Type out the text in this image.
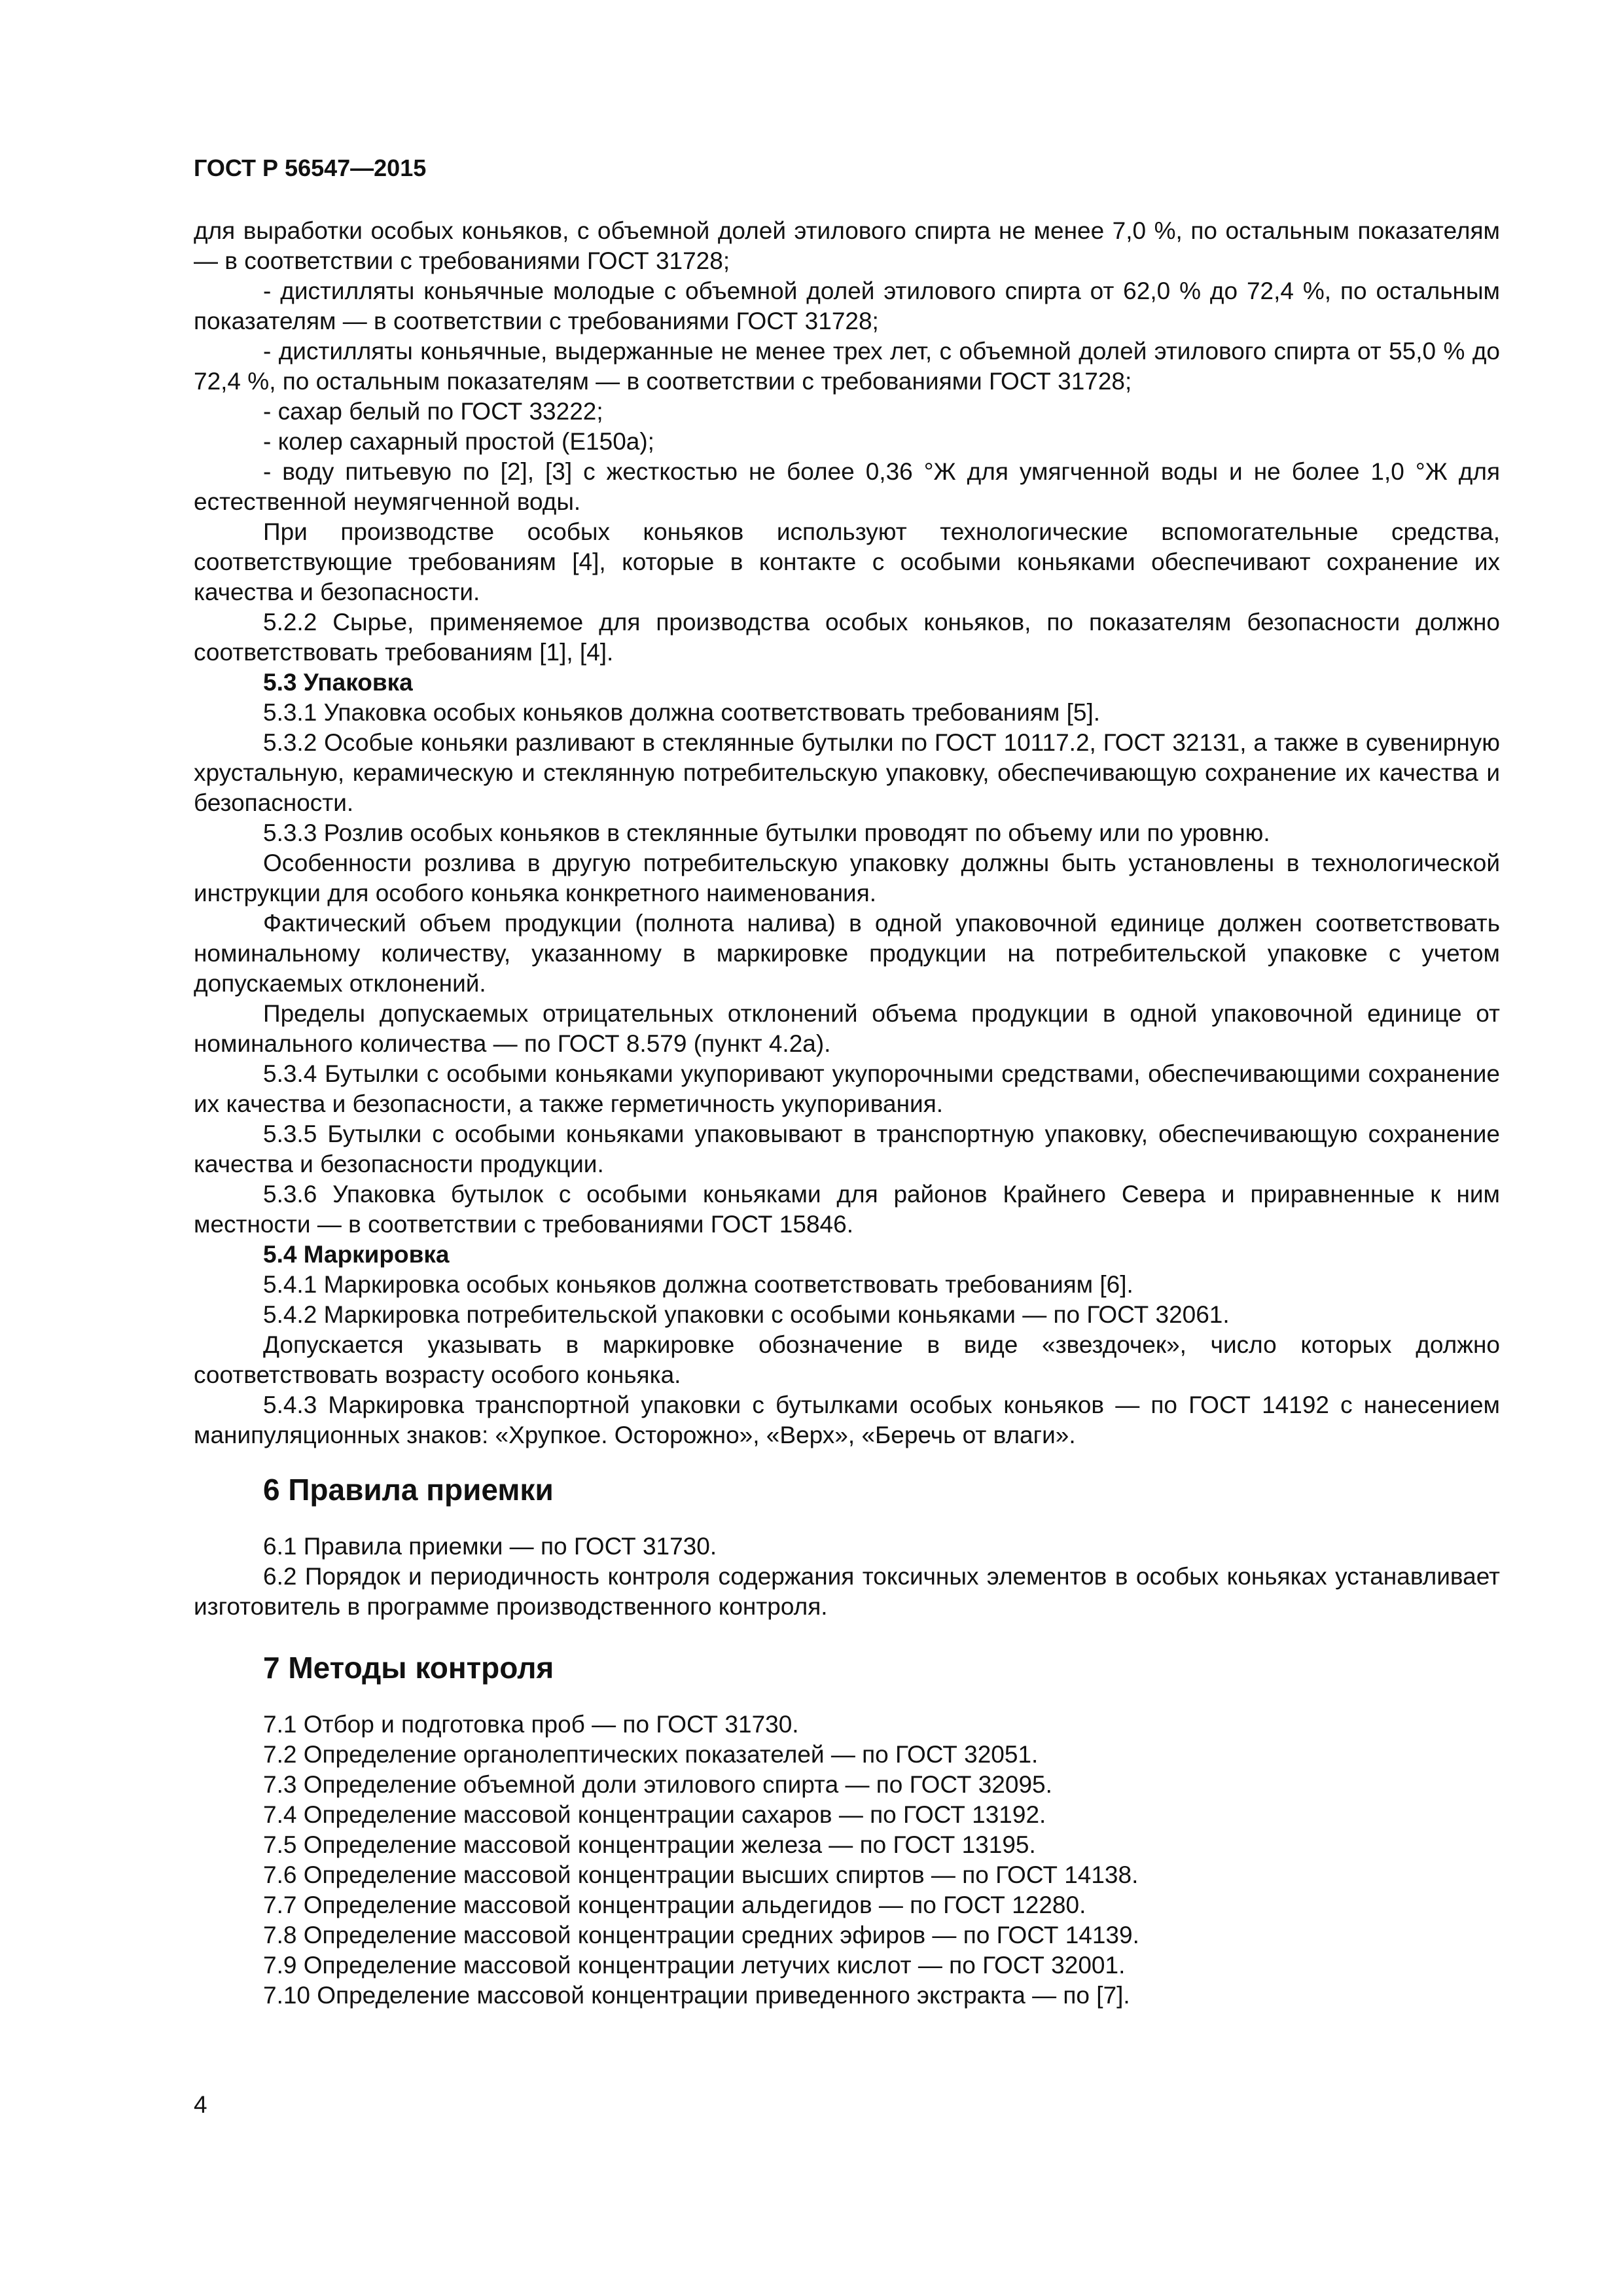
ГОСТ Р 56547—2015

для выработки особых коньяков, с объемной долей этилового спирта не менее 7,0 %, по остальным показателям — в соответствии с требованиями ГОСТ 31728;

- дистилляты коньячные молодые с объемной долей этилового спирта от 62,0 % до 72,4 %, по остальным показателям — в соответствии с требованиями ГОСТ 31728;

- дистилляты коньячные, выдержанные не менее трех лет, с объемной долей этилового спирта от 55,0 % до 72,4 %, по остальным показателям — в соответствии с требованиями ГОСТ 31728;

- сахар белый по ГОСТ 33222;

- колер сахарный простой (Е150а);

- воду питьевую по [2], [3] с жесткостью не более 0,36 °Ж для умягченной воды и не более 1,0 °Ж для естественной неумягченной воды.

При производстве особых коньяков используют технологические вспомогательные средства, соответствующие требованиям [4], которые в контакте с особыми коньяками обеспечивают сохранение их качества и безопасности.

5.2.2 Сырье, применяемое для производства особых коньяков, по показателям безопасности должно соответствовать требованиям [1], [4].

5.3 Упаковка

5.3.1 Упаковка особых коньяков должна соответствовать требованиям [5].

5.3.2 Особые коньяки разливают в стеклянные бутылки по ГОСТ 10117.2, ГОСТ 32131, а также в сувенирную хрустальную, керамическую и стеклянную потребительскую упаковку, обеспечивающую сохранение их качества и безопасности.

5.3.3 Розлив особых коньяков в стеклянные бутылки проводят по объему или по уровню.

Особенности розлива в другую потребительскую упаковку должны быть установлены в технологической инструкции для особого коньяка конкретного наименования.

Фактический объем продукции (полнота налива) в одной упаковочной единице должен соответствовать номинальному количеству, указанному в маркировке продукции на потребительской упаковке с учетом допускаемых отклонений.

Пределы допускаемых отрицательных отклонений объема продукции в одной упаковочной единице от номинального количества — по ГОСТ 8.579 (пункт 4.2а).

5.3.4 Бутылки с особыми коньяками укупоривают укупорочными средствами, обеспечивающими сохранение их качества и безопасности, а также герметичность укупоривания.

5.3.5 Бутылки с особыми коньяками упаковывают в транспортную упаковку, обеспечивающую сохранение качества и безопасности продукции.

5.3.6 Упаковка бутылок с особыми коньяками для районов Крайнего Севера и приравненные к ним местности — в соответствии с требованиями ГОСТ 15846.

5.4 Маркировка

5.4.1 Маркировка особых коньяков должна соответствовать требованиям [6].

5.4.2 Маркировка потребительской упаковки с особыми коньяками — по ГОСТ 32061.

Допускается указывать в маркировке обозначение в виде «звездочек», число которых должно соответствовать возрасту особого коньяка.

5.4.3 Маркировка транспортной упаковки с бутылками особых коньяков — по ГОСТ 14192 с нанесением манипуляционных знаков: «Хрупкое. Осторожно», «Верх», «Беречь от влаги».

6 Правила приемки

6.1 Правила приемки — по ГОСТ 31730.

6.2 Порядок и периодичность контроля содержания токсичных элементов в особых коньяках устанавливает изготовитель в программе производственного контроля.

7 Методы контроля

7.1 Отбор и подготовка проб — по ГОСТ 31730.

7.2 Определение органолептических показателей — по ГОСТ 32051.

7.3 Определение объемной доли этилового спирта — по ГОСТ 32095.

7.4 Определение массовой концентрации сахаров — по ГОСТ 13192.

7.5 Определение массовой концентрации железа — по ГОСТ 13195.

7.6 Определение массовой концентрации высших спиртов — по ГОСТ 14138.

7.7 Определение массовой концентрации альдегидов — по ГОСТ 12280.

7.8 Определение массовой концентрации средних эфиров — по ГОСТ 14139.

7.9 Определение массовой концентрации летучих кислот — по ГОСТ 32001.

7.10 Определение массовой концентрации приведенного экстракта — по [7].

4
